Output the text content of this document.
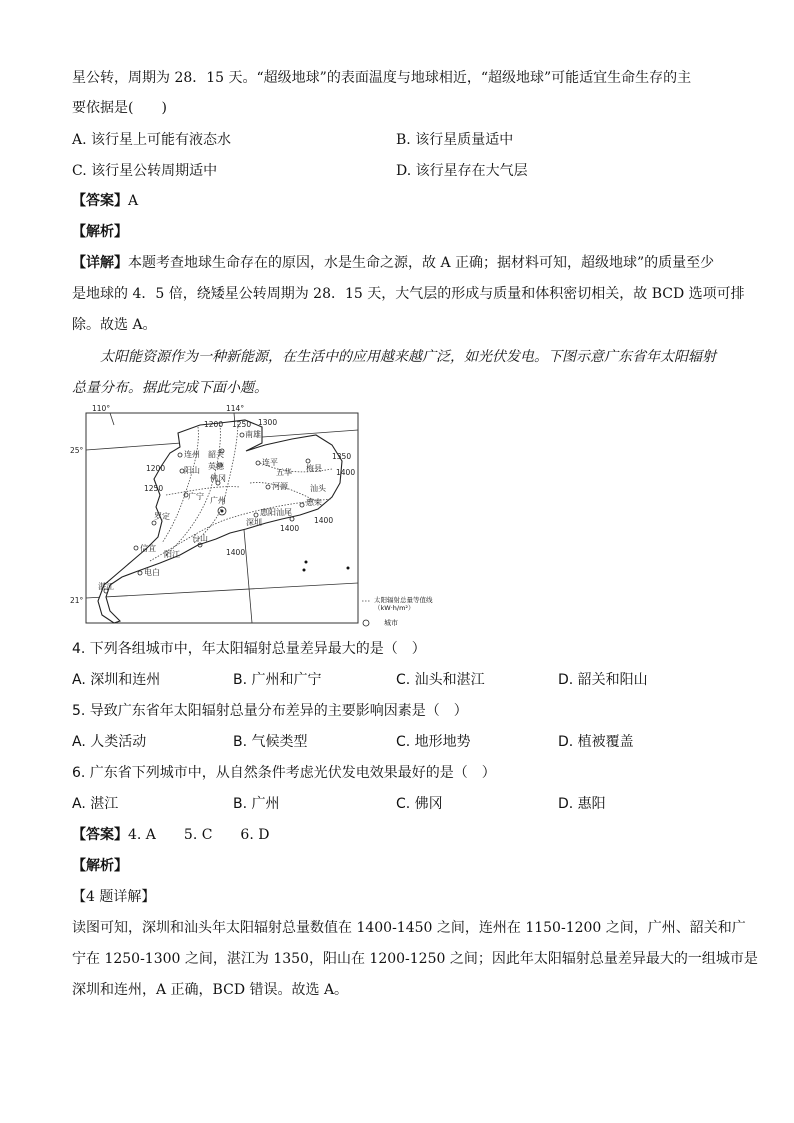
星公转，周期为 28．15 天。“超级地球”的表面温度与地球相近，“超级地球”可能适宜生命生存的主
要依据是(　　)
A. 该行星上可能有液态水	B. 该行星质量适中
C. 该行星公转周期适中	D. 该行星存在大气层
【答案】A
【解析】
【详解】本题考查地球生命存在的原因，水是生命之源，故 A 正确；据材料可知，超级地球”的质量至少
是地球的 4．5 倍，绕矮星公转周期为 28．15 天，大气层的形成与质量和体积密切相关，故 BCD 选项可排
除。故选 A。
太阳能资源作为一种新能源，在生活中的应用越来越广泛，如光伏发电。下图示意广东省年太阳辐射
总量分布。据此完成下面小题。
110°	114°
25°
21°
连州
阳山
韶关
南雄
英德	连平
梅县
佛冈
五华
广宁
河源	汕头
广州	惠来
罗定
深圳
惠阳 汕尾
信宜
台山
阳江
电白
湛江
1200 1250 1300
1200
1250
1350
1400
1400
1400
1400
太阳辐射总量等值线（kW·h/m²）
城市
4. 下列各组城市中，年太阳辐射总量差异最大的是（　）
A. 深圳和连州	B. 广州和广宁	C. 汕头和湛江	D. 韶关和阳山
5. 导致广东省年太阳辐射总量分布差异的主要影响因素是（　）
A. 人类活动	B. 气候类型	C. 地形地势	D. 植被覆盖
6. 广东省下列城市中，从自然条件考虑光伏发电效果最好的是（　）
A. 湛江	B. 广州	C. 佛冈	D. 惠阳
【答案】4. A　　5. C　　6. D
【解析】
【4 题详解】
读图可知，深圳和汕头年太阳辐射总量数值在 1400-1450 之间，连州在 1150-1200 之间，广州、韶关和广
宁在 1250-1300 之间，湛江为 1350，阳山在 1200-1250 之间；因此年太阳辐射总量差异最大的一组城市是
深圳和连州，A 正确，BCD 错误。故选 A。
